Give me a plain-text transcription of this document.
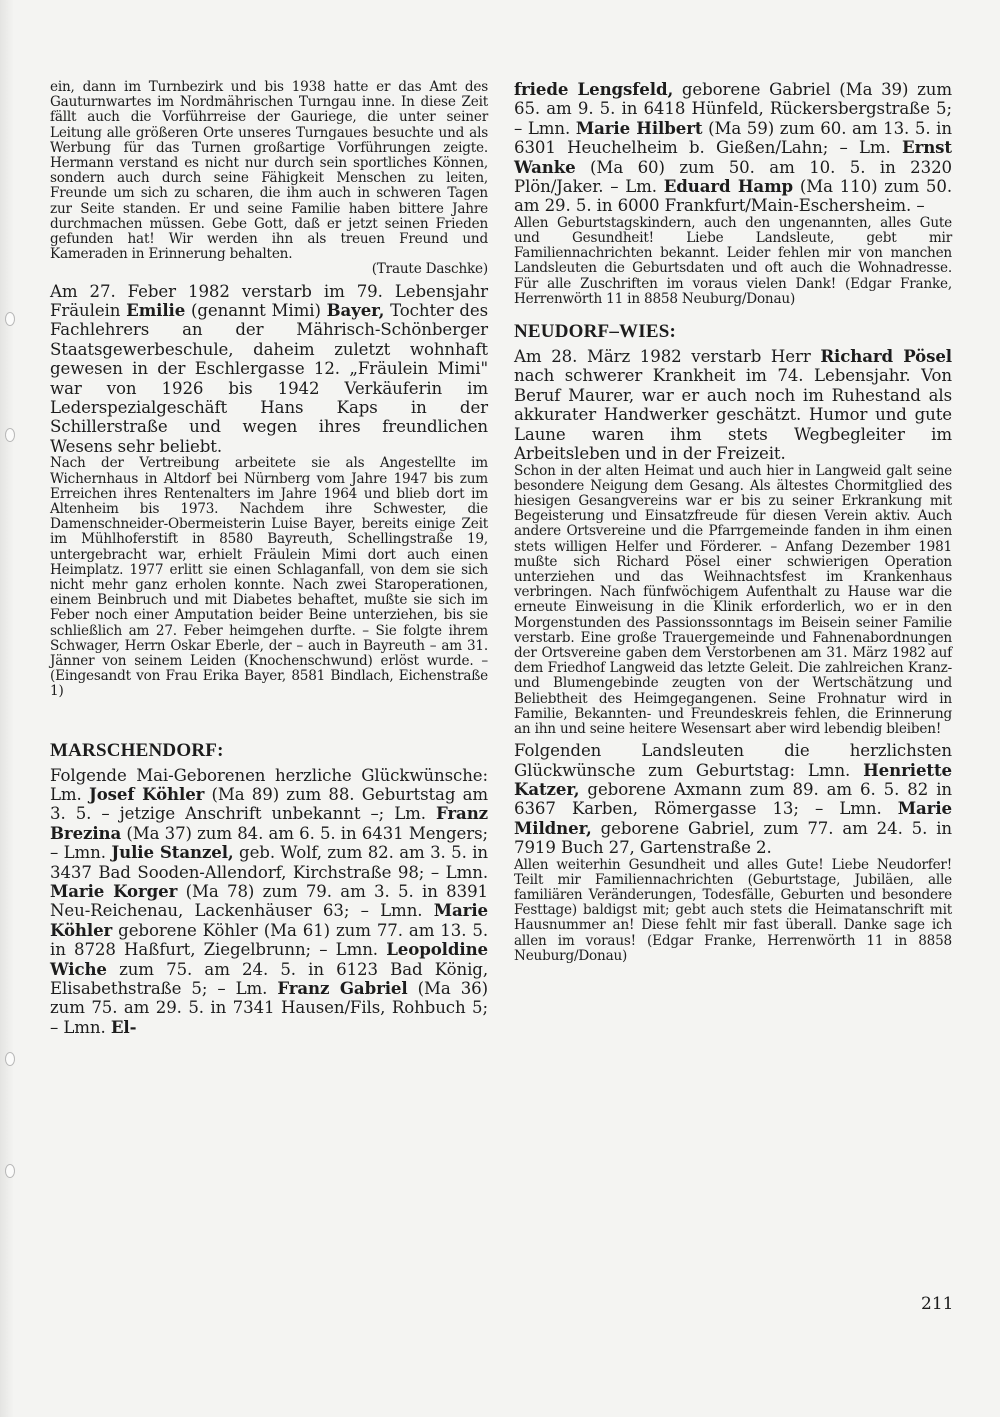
ein, dann im Turnbezirk und bis 1938 hatte er das Amt des Gauturnwartes im Nordmährischen Turngau inne. In diese Zeit fällt auch die Vorführreise der Gauriege, die unter seiner Leitung alle größeren Orte unseres Turngaues besuchte und als Werbung für das Turnen großartige Vorführungen zeigte. Hermann verstand es nicht nur durch sein sportliches Können, sondern auch durch seine Fähigkeit Menschen zu leiten, Freunde um sich zu scharen, die ihm auch in schweren Tagen zur Seite standen. Er und seine Familie haben bittere Jahre durchmachen müssen. Gebe Gott, daß er jetzt seinen Frieden gefunden hat! Wir werden ihn als treuen Freund und Kameraden in Erinnerung behalten.

(Traute Daschke)

Am 27. Feber 1982 verstarb im 79. Lebensjahr Fräulein Emilie (genannt Mimi) Bayer, Tochter des Fachlehrers an der Mährisch-Schönberger Staatsgewerbeschule, daheim zuletzt wohnhaft gewesen in der Eschlergasse 12. „Fräulein Mimi" war von 1926 bis 1942 Verkäuferin im Lederspezialgeschäft Hans Kaps in der Schillerstraße und wegen ihres freundlichen Wesens sehr beliebt.

Nach der Vertreibung arbeitete sie als Angestellte im Wichernhaus in Altdorf bei Nürnberg vom Jahre 1947 bis zum Erreichen ihres Rentenalters im Jahre 1964 und blieb dort im Altenheim bis 1973. Nachdem ihre Schwester, die Damenschneider-Obermeisterin Luise Bayer, bereits einige Zeit im Mühlhoferstift in 8580 Bayreuth, Schellingstraße 19, untergebracht war, erhielt Fräulein Mimi dort auch einen Heimplatz. 1977 erlitt sie einen Schlaganfall, von dem sie sich nicht mehr ganz erholen konnte. Nach zwei Staroperationen, einem Beinbruch und mit Diabetes behaftet, mußte sie sich im Feber noch einer Amputation beider Beine unterziehen, bis sie schließlich am 27. Feber heimgehen durfte. – Sie folgte ihrem Schwager, Herrn Oskar Eberle, der – auch in Bayreuth – am 31. Jänner von seinem Leiden (Knochenschwund) erlöst wurde. – (Eingesandt von Frau Erika Bayer, 8581 Bindlach, Eichenstraße 1)

MARSCHENDORF:

Folgende Mai-Geborenen herzliche Glückwünsche: Lm. Josef Köhler (Ma 89) zum 88. Geburtstag am 3. 5. – jetzige Anschrift unbekannt –; Lm. Franz Brezina (Ma 37) zum 84. am 6. 5. in 6431 Mengers; – Lmn. Julie Stanzel, geb. Wolf, zum 82. am 3. 5. in 3437 Bad Sooden-Allendorf, Kirchstraße 98; – Lmn. Marie Korger (Ma 78) zum 79. am 3. 5. in 8391 Neu-Reichenau, Lackenhäuser 63; – Lmn. Marie Köhler geborene Köhler (Ma 61) zum 77. am 13. 5. in 8728 Haßfurt, Ziegelbrunn; – Lmn. Leopoldine Wiche zum 75. am 24. 5. in 6123 Bad König, Elisabethstraße 5; – Lm. Franz Gabriel (Ma 36) zum 75. am 29. 5. in 7341 Hausen/Fils, Rohbuch 5; – Lmn. El-

friede Lengsfeld, geborene Gabriel (Ma 39) zum 65. am 9. 5. in 6418 Hünfeld, Rückersbergstraße 5; – Lmn. Marie Hilbert (Ma 59) zum 60. am 13. 5. in 6301 Heuchelheim b. Gießen/Lahn; – Lm. Ernst Wanke (Ma 60) zum 50. am 10. 5. in 2320 Plön/Jaker. – Lm. Eduard Hamp (Ma 110) zum 50. am 29. 5. in 6000 Frankfurt/Main-Eschersheim. –

Allen Geburtstagskindern, auch den ungenannten, alles Gute und Gesundheit! Liebe Landsleute, gebt mir Familiennachrichten bekannt. Leider fehlen mir von manchen Landsleuten die Geburtsdaten und oft auch die Wohnadresse. Für alle Zuschriften im voraus vielen Dank! (Edgar Franke, Herrenwörth 11 in 8858 Neuburg/Donau)

NEUDORF–WIES:

Am 28. März 1982 verstarb Herr Richard Pösel nach schwerer Krankheit im 74. Lebensjahr. Von Beruf Maurer, war er auch noch im Ruhestand als akkurater Handwerker geschätzt. Humor und gute Laune waren ihm stets Wegbegleiter im Arbeitsleben und in der Freizeit.

Schon in der alten Heimat und auch hier in Langweid galt seine besondere Neigung dem Gesang. Als ältestes Chormitglied des hiesigen Gesangvereins war er bis zu seiner Erkrankung mit Begeisterung und Einsatzfreude für diesen Verein aktiv. Auch andere Ortsvereine und die Pfarrgemeinde fanden in ihm einen stets willigen Helfer und Förderer. – Anfang Dezember 1981 mußte sich Richard Pösel einer schwierigen Operation unterziehen und das Weihnachtsfest im Krankenhaus verbringen. Nach fünfwöchigem Aufenthalt zu Hause war die erneute Einweisung in die Klinik erforderlich, wo er in den Morgenstunden des Passionssonntags im Beisein seiner Familie verstarb. Eine große Trauergemeinde und Fahnenabordnungen der Ortsvereine gaben dem Verstorbenen am 31. März 1982 auf dem Friedhof Langweid das letzte Geleit. Die zahlreichen Kranz- und Blumengebinde zeugten von der Wertschätzung und Beliebtheit des Heimgegangenen. Seine Frohnatur wird in Familie, Bekannten- und Freundeskreis fehlen, die Erinnerung an ihn und seine heitere Wesensart aber wird lebendig bleiben!

Folgenden Landsleuten die herzlichsten Glückwünsche zum Geburtstag: Lmn. Henriette Katzer, geborene Axmann zum 89. am 6. 5. 82 in 6367 Karben, Römergasse 13; – Lmn. Marie Mildner, geborene Gabriel, zum 77. am 24. 5. in 7919 Buch 27, Gartenstraße 2.

Allen weiterhin Gesundheit und alles Gute! Liebe Neudorfer! Teilt mir Familiennachrichten (Geburtstage, Jubiläen, alle familiären Veränderungen, Todesfälle, Geburten und besondere Festtage) baldigst mit; gebt auch stets die Heimatanschrift mit Hausnummer an! Diese fehlt mir fast überall. Danke sage ich allen im voraus! (Edgar Franke, Herrenwörth 11 in 8858 Neuburg/Donau)

211
